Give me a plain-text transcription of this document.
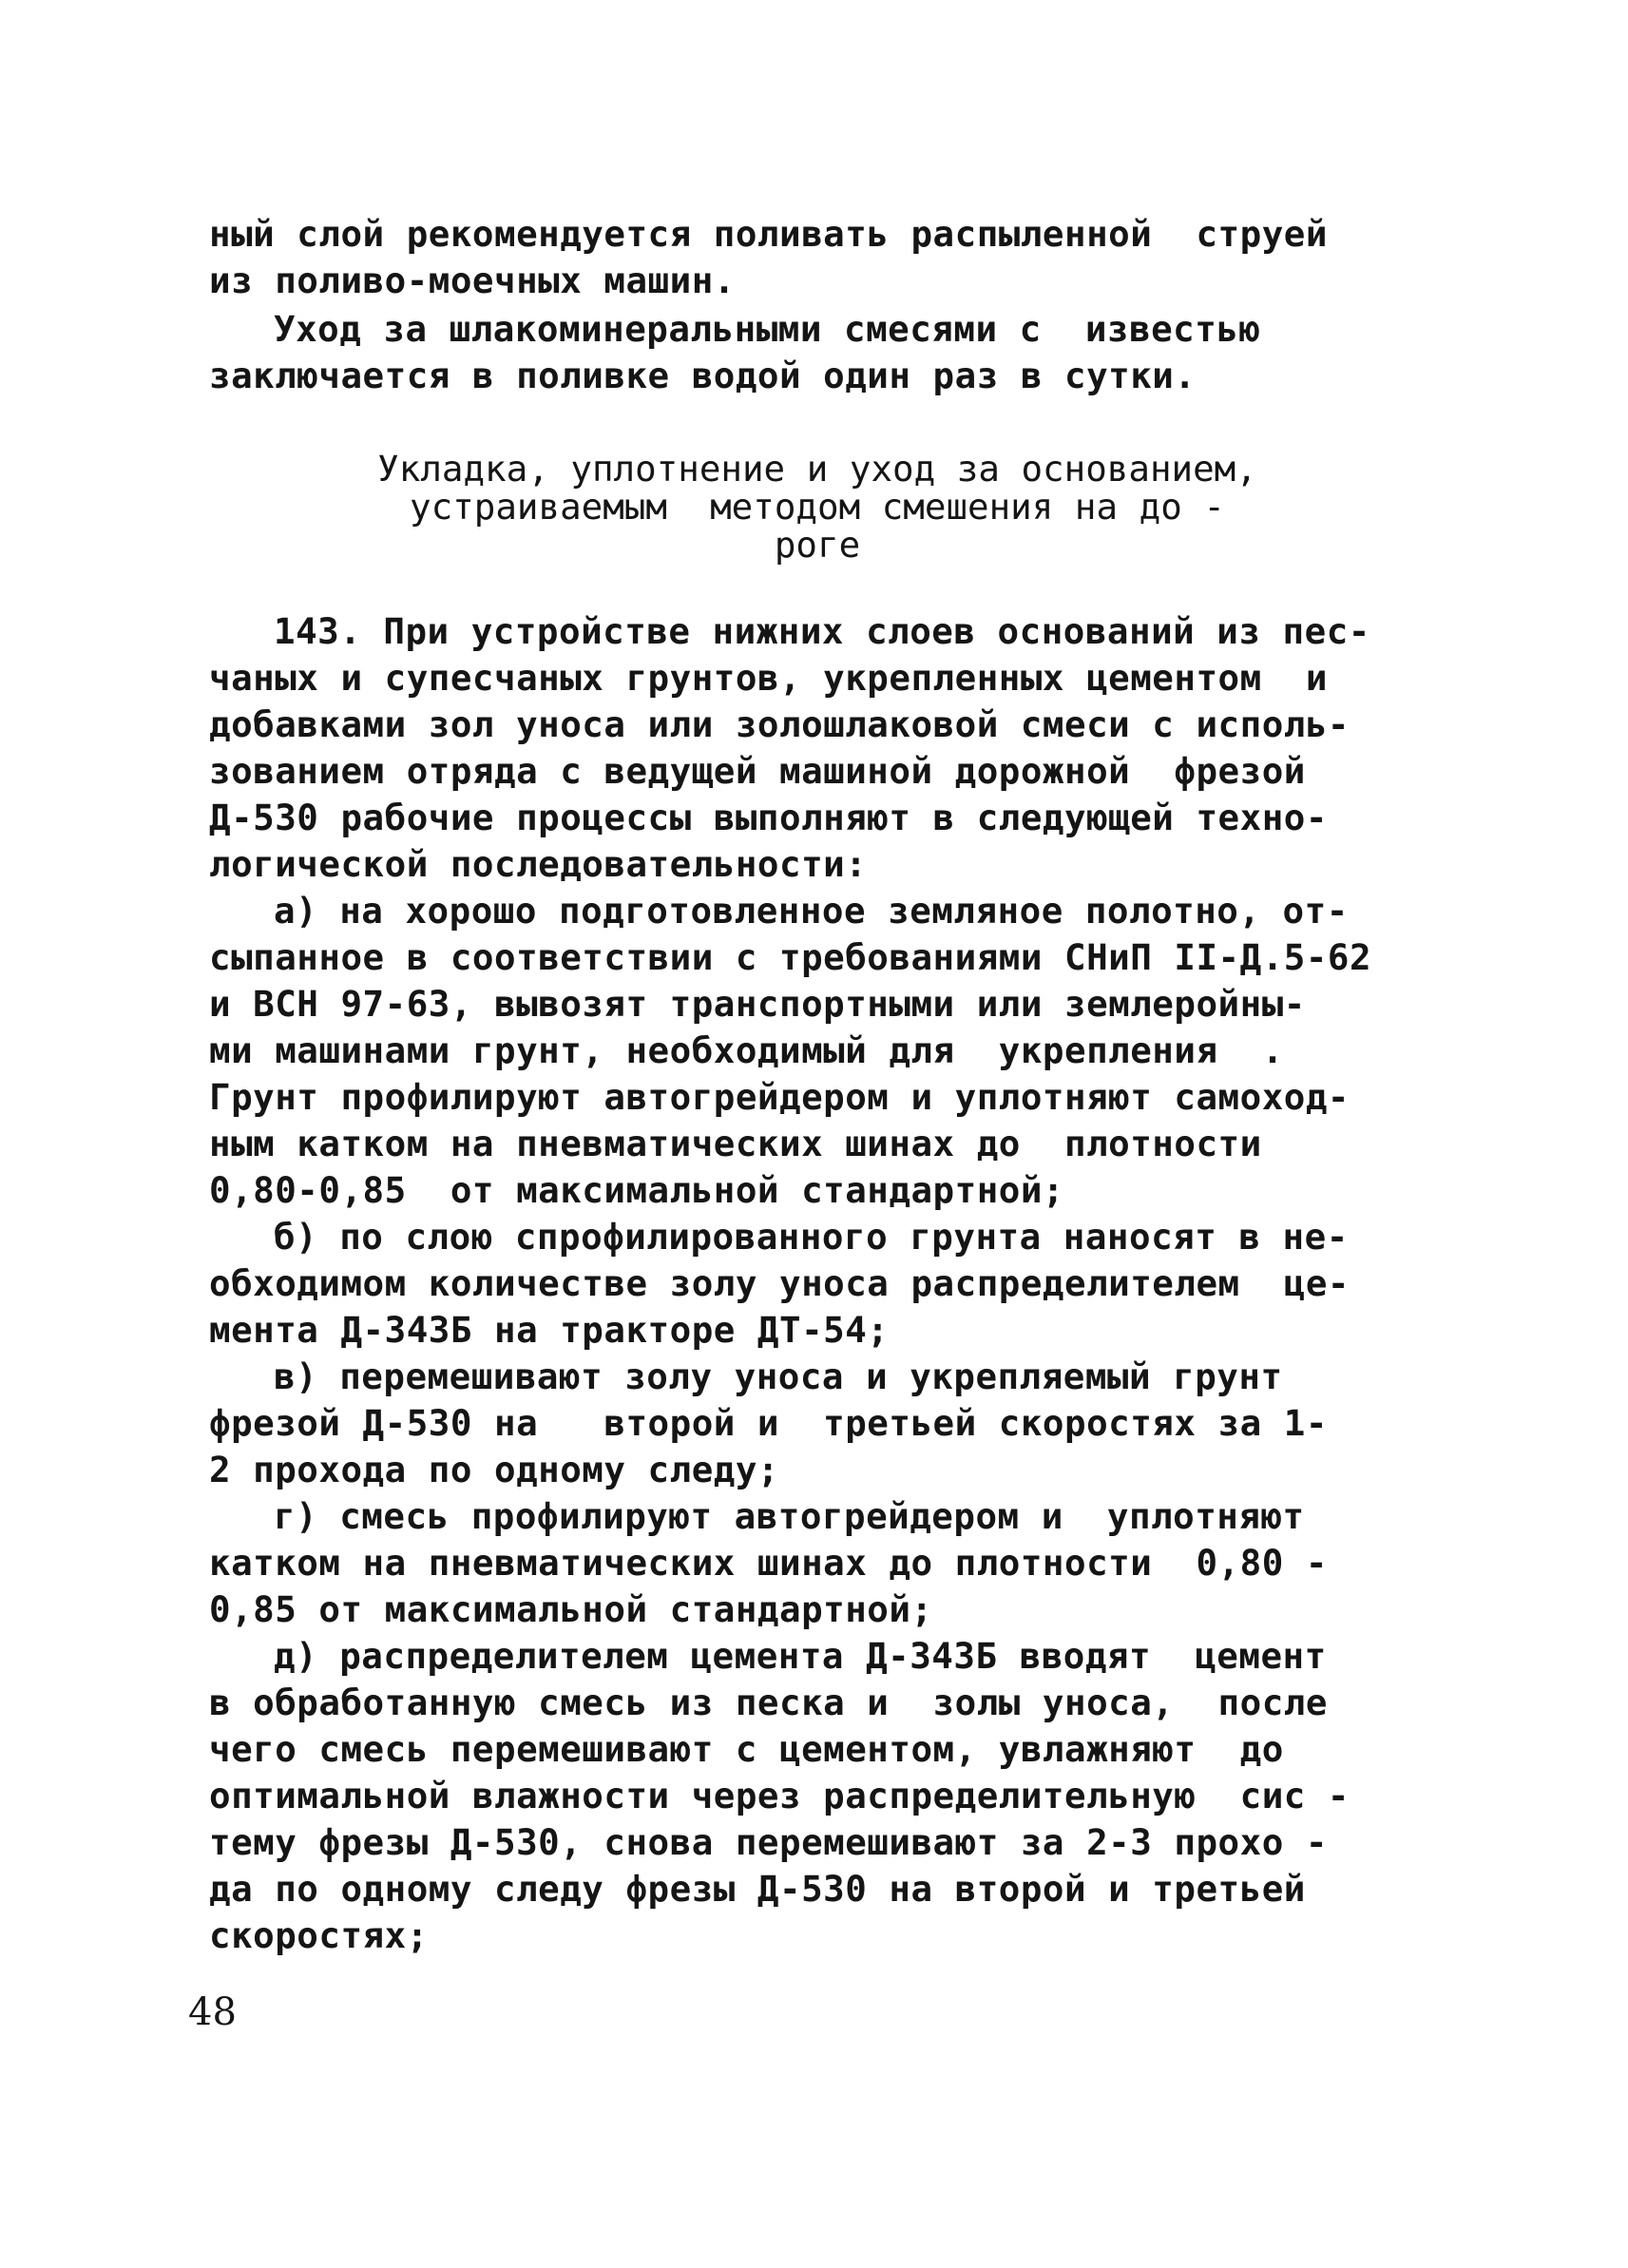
ный слой рекомендуется поливать распыленной  струей
из поливо-моечных машин.
Уход за шлакоминеральными смесями с  известью
заключается в поливке водой один раз в сутки.
Укладка, уплотнение и уход за основанием,
устраиваемым  методом смешения на до -
роге
143. При устройстве нижних слоев оснований из пес-
чаных и супесчаных грунтов, укрепленных цементом  и
добавками зол уноса или золошлаковой смеси с исполь-
зованием отряда с ведущей машиной дорожной  фрезой
Д-530 рабочие процессы выполняют в следующей техно-
логической последовательности:
а) на хорошо подготовленное земляное полотно, от-
сыпанное в соответствии с требованиями СНиП II-Д.5-62
и ВСН 97-63, вывозят транспортными или землеройны-
ми машинами грунт, необходимый для  укрепления  .
Грунт профилируют автогрейдером и уплотняют самоход-
ным катком на пневматических шинах до  плотности
0,80-0,85  от максимальной стандартной;
б) по слою спрофилированного грунта наносят в не-
обходимом количестве золу уноса распределителем  це-
мента Д-343Б на тракторе ДТ-54;
в) перемешивают золу уноса и укрепляемый грунт
фрезой Д-530 на   второй и  третьей скоростях за 1-
2 прохода по одному следу;
г) смесь профилируют автогрейдером и  уплотняют
катком на пневматических шинах до плотности  0,80 -
0,85 от максимальной стандартной;
д) распределителем цемента Д-343Б вводят  цемент
в обработанную смесь из песка и  золы уноса,  после
чего смесь перемешивают с цементом, увлажняют  до
оптимальной влажности через распределительную  сис -
тему фрезы Д-530, снова перемешивают за 2-3 прохо -
да по одному следу фрезы Д-530 на второй и третьей
скоростях;
48
